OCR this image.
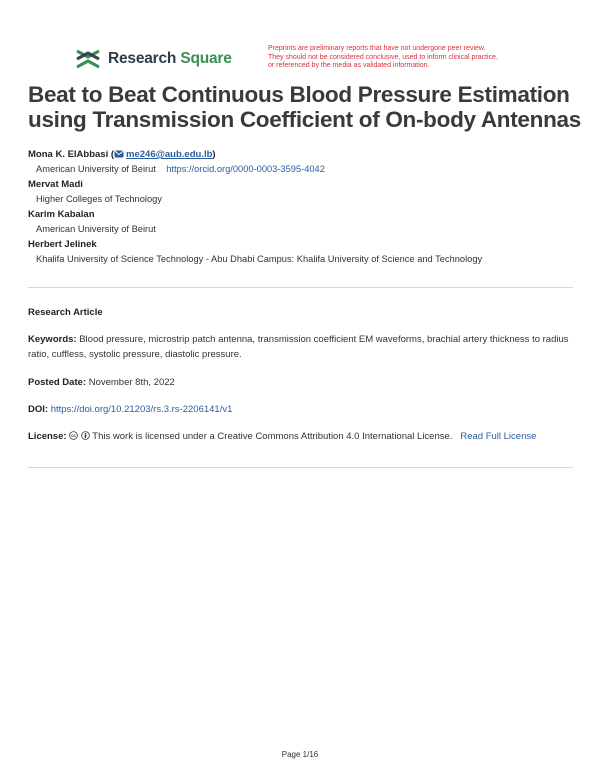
Research Square
Preprints are preliminary reports that have not undergone peer review.
They should not be considered conclusive, used to inform clinical practice,
or referenced by the media as validated information.
Beat to Beat Continuous Blood Pressure Estimation
using Transmission Coefficient of On-body Antennas
Mona K. ElAbbasi ( me246@aub.edu.lb)
American University of Beirut https://orcid.org/0000-0003-3595-4042
Mervat Madi
Higher Colleges of Technology
Karim Kabalan
American University of Beirut
Herbert Jelinek
Khalifa University of Science Technology - Abu Dhabi Campus: Khalifa University of Science and Technology
Research Article
Keywords: Blood pressure, microstrip patch antenna, transmission coefficient EM waveforms, brachial artery thickness to radius ratio, cuffless, systolic pressure, diastolic pressure.
Posted Date: November 8th, 2022
DOI: https://doi.org/10.21203/rs.3.rs-2206141/v1
License: cc This work is licensed under a Creative Commons Attribution 4.0 International License. Read Full License
Page 1/16
